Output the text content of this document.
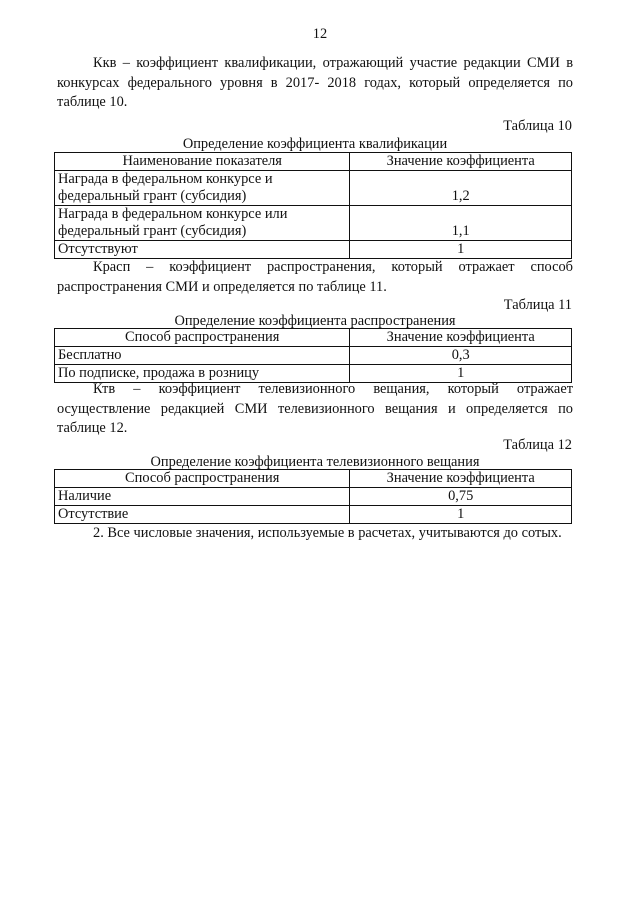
12
Ккв – коэффициент квалификации, отражающий участие редакции СМИ в конкурсах федерального уровня в 2017- 2018 годах, который определяется по таблице 10.
Таблица 10
Определение коэффициента квалификации
Наименование показателя	Значение коэффициента
Награда в федеральном конкурсе и федеральный грант (субсидия)	1,2
Награда в федеральном конкурсе или федеральный грант (субсидия)	1,1
Отсутствуют	1
Красп – коэффициент распространения, который отражает способ распространения СМИ и определяется по таблице 11.
Таблица 11
Определение коэффициента распространения
Способ распространения	Значение коэффициента
Бесплатно	0,3
По подписке, продажа в розницу	1
Ктв – коэффициент телевизионного вещания, который отражает осуществление редакцией СМИ телевизионного вещания и определяется по таблице 12.
Таблица 12
Определение коэффициента телевизионного вещания
Способ распространения	Значение коэффициента
Наличие	0,75
Отсутствие	1
2. Все числовые значения, используемые в расчетах, учитываются до сотых.
